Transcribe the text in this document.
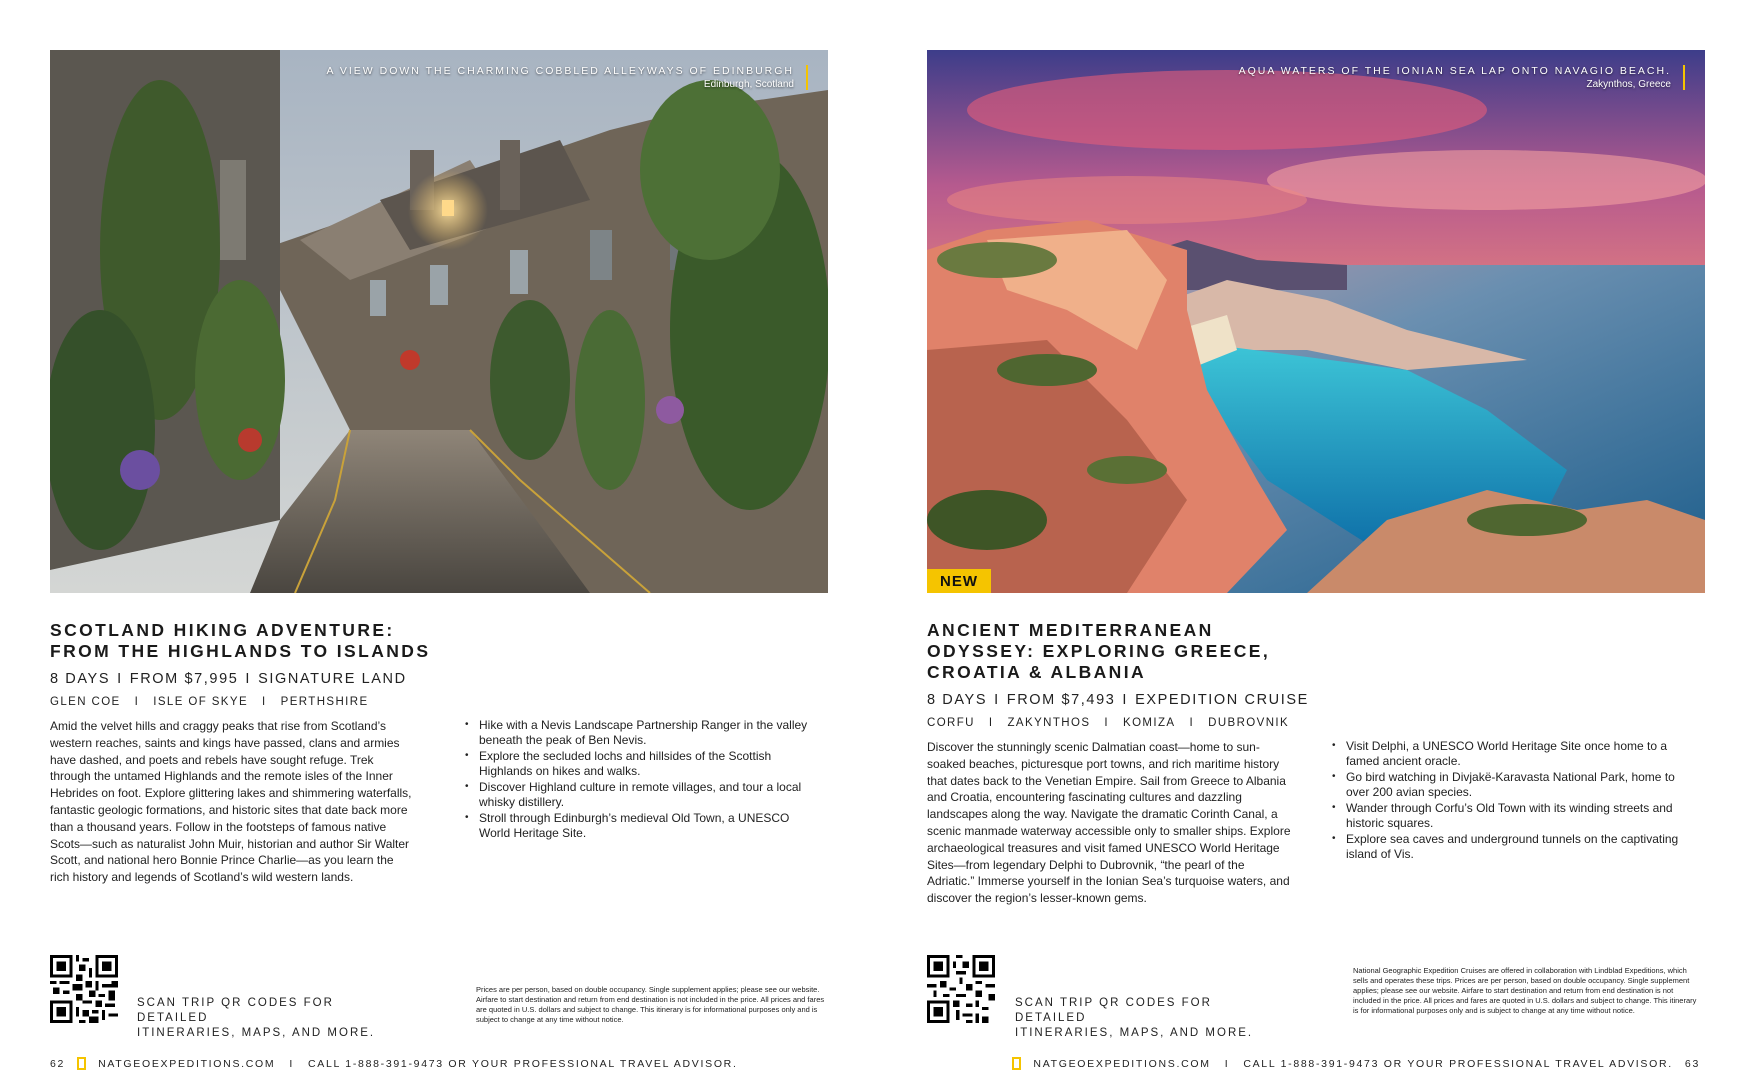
A VIEW DOWN THE CHARMING COBBLED ALLEYWAYS OF EDINBURGH
Edinburgh, Scotland
SCOTLAND HIKING ADVENTURE:
FROM THE HIGHLANDS TO ISLANDS
8 DAYS I FROM $7,995 I SIGNATURE LAND
GLEN COE I ISLE OF SKYE I PERTHSHIRE

Amid the velvet hills and craggy peaks that rise from Scotland’s western reaches, saints and kings have passed, clans and armies have dashed, and poets and rebels have sought refuge. Trek through the untamed Highlands and the remote isles of the Inner Hebrides on foot. Explore glittering lakes and shimmering waterfalls, fantastic geologic formations, and historic sites that date back more than a thousand years. Follow in the footsteps of famous native Scots—such as naturalist John Muir, historian and author Sir Walter Scott, and national hero Bonnie Prince Charlie—as you learn the rich history and legends of Scotland’s wild western lands.

• Hike with a Nevis Landscape Partnership Ranger in the valley beneath the peak of Ben Nevis.
• Explore the secluded lochs and hillsides of the Scottish Highlands on hikes and walks.
• Discover Highland culture in remote villages, and tour a local whisky distillery.
• Stroll through Edinburgh’s medieval Old Town, a UNESCO World Heritage Site.
SCAN TRIP QR CODES FOR DETAILED
ITINERARIES, MAPS, AND MORE.
Prices are per person, based on double occupancy. Single supplement applies; please see our website. Airfare to start destination and return from end destination is not included in the price. All prices and fares are quoted in U.S. dollars and subject to change. This itinerary is for informational purposes only and is subject to change at any time without notice.
62	NATGEOEXPEDITIONS.COM	I	CALL 1-888-391-9473 OR YOUR PROFESSIONAL TRAVEL ADVISOR.
AQUA WATERS OF THE IONIAN SEA LAP ONTO NAVAGIO BEACH.
Zakynthos, Greece
NEW
ANCIENT MEDITERRANEAN
ODYSSEY: EXPLORING GREECE,
CROATIA & ALBANIA
8 DAYS I FROM $7,493 I EXPEDITION CRUISE
CORFU I ZAKYNTHOS I KOMIZA I DUBROVNIK

Discover the stunningly scenic Dalmatian coast—home to sun-soaked beaches, picturesque port towns, and rich maritime history that dates back to the Venetian Empire. Sail from Greece to Albania and Croatia, encountering fascinating cultures and dazzling landscapes along the way. Navigate the dramatic Corinth Canal, a scenic manmade waterway accessible only to smaller ships. Explore archaeological treasures and visit famed UNESCO World Heritage Sites—from legendary Delphi to Dubrovnik, “the pearl of the Adriatic.” Immerse yourself in the Ionian Sea’s turquoise waters, and discover the region’s lesser-known gems.

• Visit Delphi, a UNESCO World Heritage Site once home to a famed ancient oracle.
• Go bird watching in Divjakë-Karavasta National Park, home to over 200 avian species.
• Wander through Corfu’s Old Town with its winding streets and historic squares.
• Explore sea caves and underground tunnels on the captivating island of Vis.
SCAN TRIP QR CODES FOR DETAILED
ITINERARIES, MAPS, AND MORE.
National Geographic Expedition Cruises are offered in collaboration with Lindblad Expeditions, which sells and operates these trips. Prices are per person, based on double occupancy. Single supplement applies; please see our website. Airfare to start destination and return from end destination is not included in the price. All prices and fares are quoted in U.S. dollars and subject to change. This itinerary is for informational purposes only and is subject to change at any time without notice.
NATGEOEXPEDITIONS.COM	I	CALL 1-888-391-9473 OR YOUR PROFESSIONAL TRAVEL ADVISOR.	63
